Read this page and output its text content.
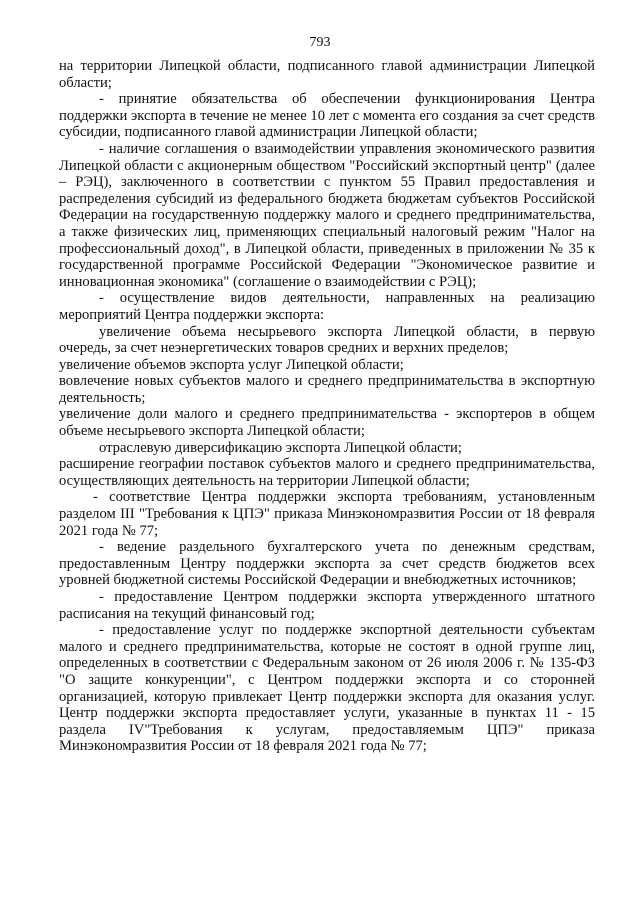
793

на территории Липецкой области, подписанного главой администрации Липецкой области;

- принятие обязательства об обеспечении функционирования Центра поддержки экспорта в течение не менее 10 лет с момента его создания за счет средств субсидии, подписанного главой администрации Липецкой области;

- наличие соглашения о взаимодействии управления экономического развития Липецкой области с акционерным обществом "Российский экспортный центр" (далее – РЭЦ), заключенного в соответствии с пунктом 55 Правил предоставления и распределения субсидий из федерального бюджета бюджетам субъектов Российской Федерации на государственную поддержку малого и среднего предпринимательства, а также физических лиц, применяющих специальный налоговый режим "Налог на профессиональный доход", в Липецкой области, приведенных в приложении № 35 к государственной программе Российской Федерации "Экономическое развитие и инновационная экономика" (соглашение о взаимодействии с РЭЦ);

- осуществление видов деятельности, направленных на реализацию мероприятий Центра поддержки экспорта:

увеличение объема несырьевого экспорта Липецкой области, в первую очередь, за счет неэнергетических товаров средних и верхних пределов;

увеличение объемов экспорта услуг Липецкой области;

вовлечение новых субъектов малого и среднего предпринимательства в экспортную деятельность;

увеличение доли малого и среднего предпринимательства - экспортеров в общем объеме несырьевого экспорта Липецкой области;

отраслевую диверсификацию экспорта Липецкой области;

расширение географии поставок субъектов малого и среднего предпринимательства, осуществляющих деятельность на территории Липецкой области;

- соответствие Центра поддержки экспорта требованиям, установленным разделом III "Требования к ЦПЭ" приказа Минэкономразвития России от 18 февраля 2021 года № 77;

- ведение раздельного бухгалтерского учета по денежным средствам, предоставленным Центру поддержки экспорта за счет средств бюджетов всех уровней бюджетной системы Российской Федерации и внебюджетных источников;

- предоставление Центром поддержки экспорта утвержденного штатного расписания на текущий финансовый год;

- предоставление услуг по поддержке экспортной деятельности субъектам малого и среднего предпринимательства, которые не состоят в одной группе лиц, определенных в соответствии с Федеральным законом от 26 июля 2006 г. № 135-ФЗ "О защите конкуренции", с Центром поддержки экспорта и со сторонней организацией, которую привлекает Центр поддержки экспорта для оказания услуг. Центр поддержки экспорта предоставляет услуги, указанные в пунктах 11 - 15 раздела IV"Требования к услугам, предоставляемым ЦПЭ" приказа Минэкономразвития России от 18 февраля 2021 года № 77;
